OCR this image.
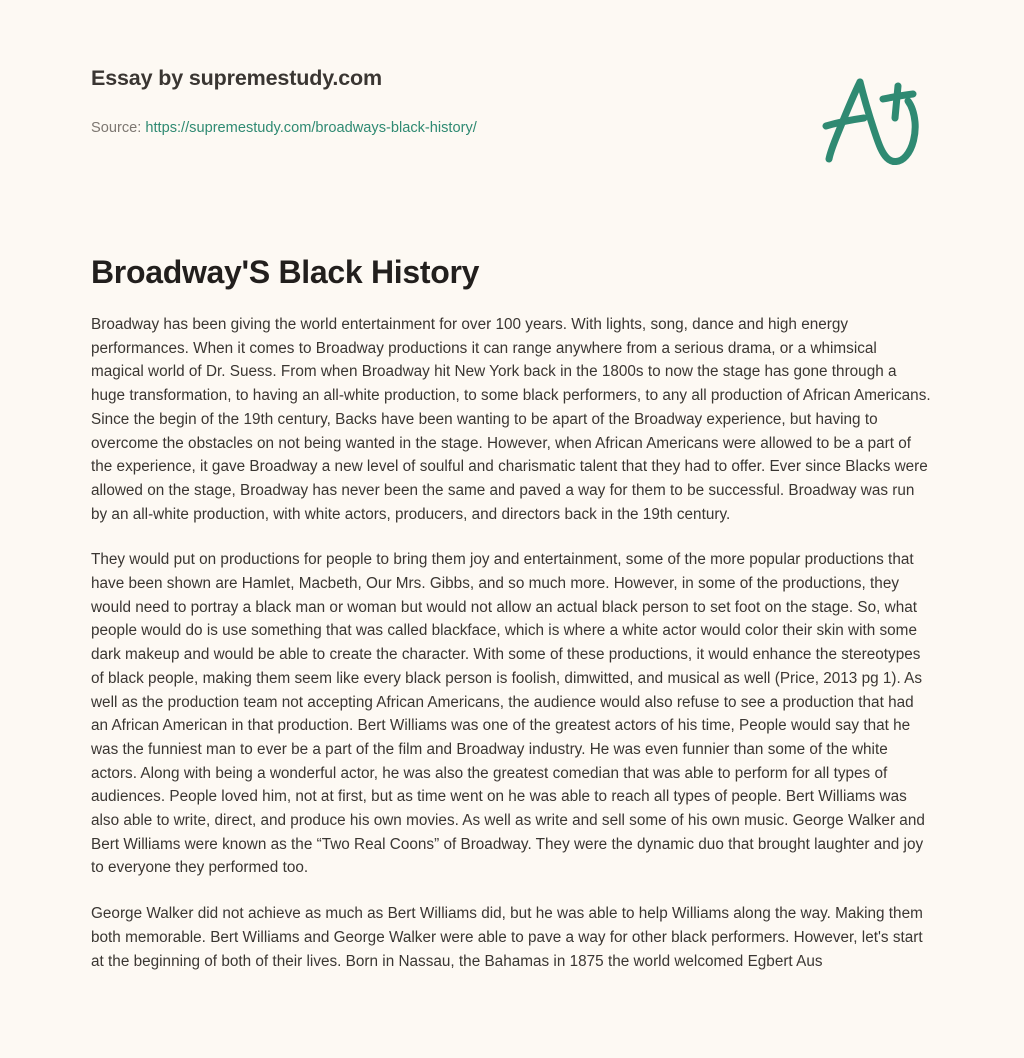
Essay by supremestudy.com
Source: https://supremestudy.com/broadways-black-history/
Broadway'S Black History

Broadway has been giving the world entertainment for over 100 years. With lights, song, dance and high energy performances. When it comes to Broadway productions it can range anywhere from a serious drama, or a whimsical magical world of Dr. Suess. From when Broadway hit New York back in the 1800s to now the stage has gone through a huge transformation, to having an all-white production, to some black performers, to any all production of African Americans. Since the begin of the 19th century, Backs have been wanting to be apart of the Broadway experience, but having to overcome the obstacles on not being wanted in the stage. However, when African Americans were allowed to be a part of the experience, it gave Broadway a new level of soulful and charismatic talent that they had to offer. Ever since Blacks were allowed on the stage, Broadway has never been the same and paved a way for them to be successful. Broadway was run by an all-white production, with white actors, producers, and directors back in the 19th century.

They would put on productions for people to bring them joy and entertainment, some of the more popular productions that have been shown are Hamlet, Macbeth, Our Mrs. Gibbs, and so much more. However, in some of the productions, they would need to portray a black man or woman but would not allow an actual black person to set foot on the stage. So, what people would do is use something that was called blackface, which is where a white actor would color their skin with some dark makeup and would be able to create the character. With some of these productions, it would enhance the stereotypes of black people, making them seem like every black person is foolish, dimwitted, and musical as well (Price, 2013 pg 1). As well as the production team not accepting African Americans, the audience would also refuse to see a production that had an African American in that production. Bert Williams was one of the greatest actors of his time, People would say that he was the funniest man to ever be a part of the film and Broadway industry. He was even funnier than some of the white actors. Along with being a wonderful actor, he was also the greatest comedian that was able to perform for all types of audiences. People loved him, not at first, but as time went on he was able to reach all types of people. Bert Williams was also able to write, direct, and produce his own movies. As well as write and sell some of his own music. George Walker and Bert Williams were known as the “Two Real Coons” of Broadway. They were the dynamic duo that brought laughter and joy to everyone they performed too.

George Walker did not achieve as much as Bert Williams did, but he was able to help Williams along the way. Making them both memorable. Bert Williams and George Walker were able to pave a way for other black performers. However, let's start at the beginning of both of their lives. Born in Nassau, the Bahamas in 1875 the world welcomed Egbert Aus
